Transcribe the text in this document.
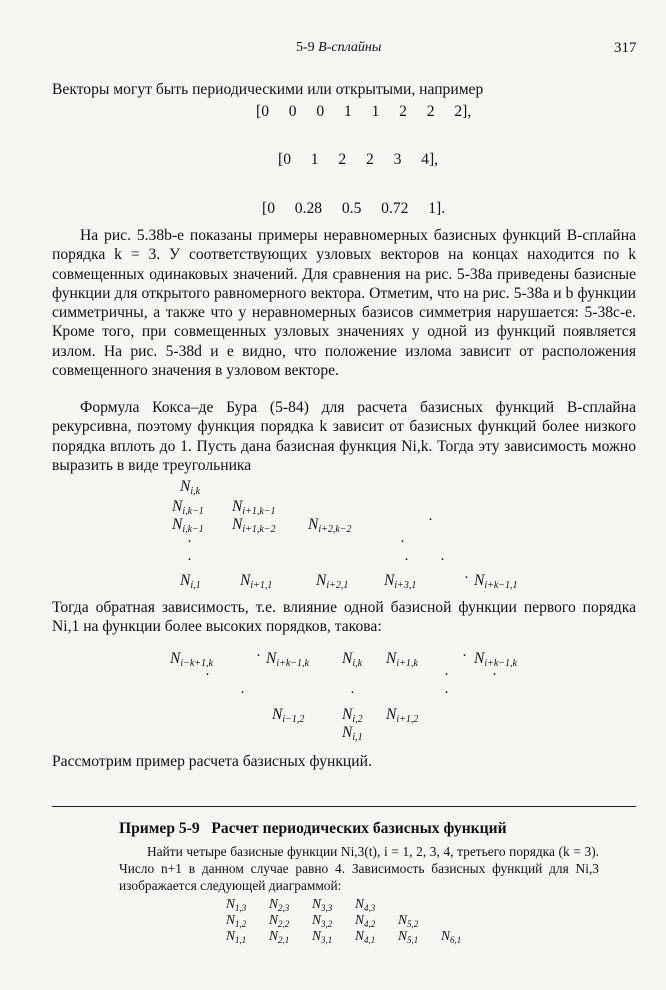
5-9 B-сплайны	317
Векторы могут быть периодическими или открытыми, например
[0  0  0  1  1  2  2  2],
[0  1  2  2  3  4],
[0  0.28  0.5  0.72  1].
На рис. 5.38b-e показаны примеры неравномерных базисных функций B-сплайна порядка k = 3. У соответствующих узловых векторов на концах находится по k совмещенных одинаковых значений. Для сравнения на рис. 5-38a приведены базисные функции для открытого равномерного вектора. Отметим, что на рис. 5-38a и b функции симметричны, а также что у неравномерных базисов симметрия нарушается: 5-38c-e. Кроме того, при совмещенных узловых значениях у одной из функций появляется излом. На рис. 5-38d и e видно, что положение излома зависит от расположения совмещенного значения в узловом векторе.
Формула Кокса–де Бура (5-84) для расчета базисных функций B-сплайна рекурсивна, поэтому функция порядка k зависит от базисных функций более низкого порядка вплоть до 1. Пусть дана базисная функция Ni,k. Тогда эту зависимость можно выразить в виде треугольника
$N_{i,k}$
$N_{i,k-1}$ $N_{i+1,k-1}$
$N_{i,k-1}$ $N_{i+1,k-2}$ $N_{i+2,k-2}$
·
·	·
·	· ·
$N_{i,1}$	$N_{i+1,1}$	$N_{i+2,1}$ $N_{i+3,1}$	· $N_{i+k-1,1}$
Тогда обратная зависимость, т.е. влияние одной базисной функции первого порядка Ni,1 на функции более высоких порядков, такова:
$N_{i-k+1,k}$	· $N_{i+k-1,k}$ $N_{i,k}$ $N_{i+1,k}$	· $N_{i+k-1,k}$
·	·	·
·	·	·
$N_{i-1,2}$ $N_{i,2}$ $N_{i+1,2}$
$N_{i,1}$
Рассмотрим пример расчета базисных функций.
Пример 5-9 Расчет периодических базисных функций
Найти четыре базисные функции Ni,3(t), i = 1, 2, 3, 4, третьего порядка (k = 3). Число n+1 в данном случае равно 4. Зависимость базисных функций для Ni,3 изображается следующей диаграммой:
$N_{1,3}$ $N_{2,3}$ $N_{3,3}$ $N_{4,3}$
$N_{1,2}$ $N_{2,2}$ $N_{3,2}$ $N_{4,2}$ $N_{5,2}$
$N_{1,1}$ $N_{2,1}$ $N_{3,1}$ $N_{4,1}$ $N_{5,1}$ $N_{6,1}$
